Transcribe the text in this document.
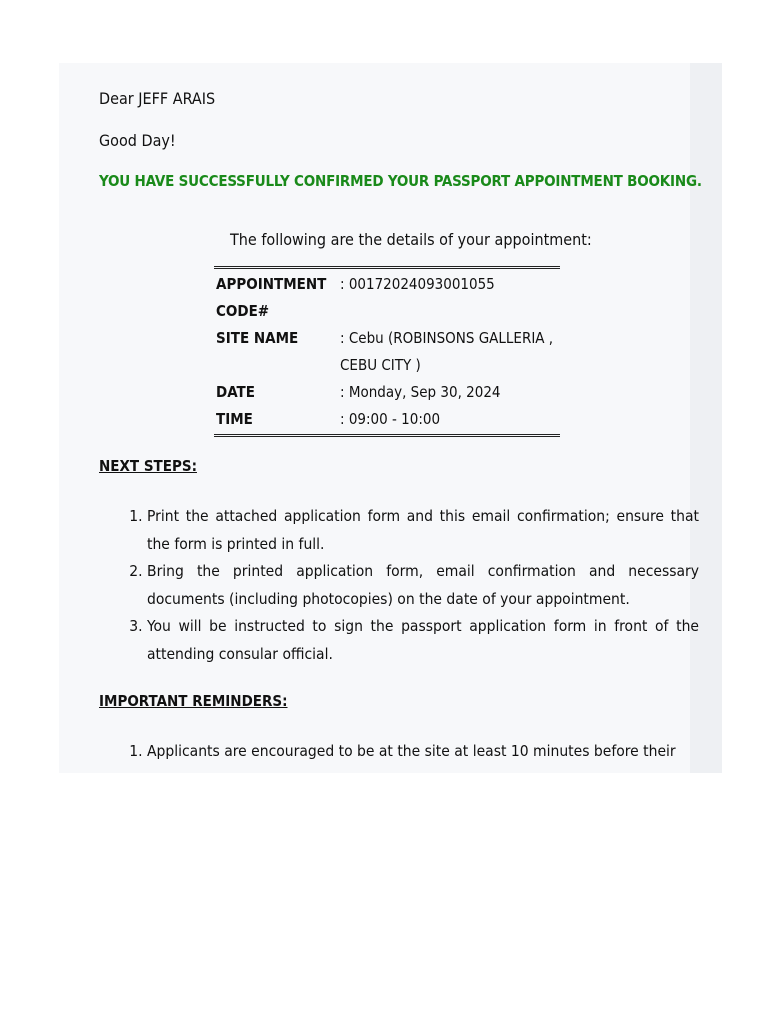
Dear JEFF ARAIS
Good Day!
YOU HAVE SUCCESSFULLY CONFIRMED YOUR PASSPORT APPOINTMENT BOOKING.
The following are the details of your appointment:
APPOINTMENT CODE#	: 00172024093001055
SITE NAME	: Cebu (ROBINSONS GALLERIA , CEBU CITY )
DATE	: Monday, Sep 30, 2024
TIME	: 09:00 - 10:00
NEXT STEPS:
1. Print the attached application form and this email confirmation; ensure that the form is printed in full.
2. Bring the printed application form, email confirmation and necessary documents (including photocopies) on the date of your appointment.
3. You will be instructed to sign the passport application form in front of the attending consular official.
IMPORTANT REMINDERS:
1. Applicants are encouraged to be at the site at least 10 minutes before their
